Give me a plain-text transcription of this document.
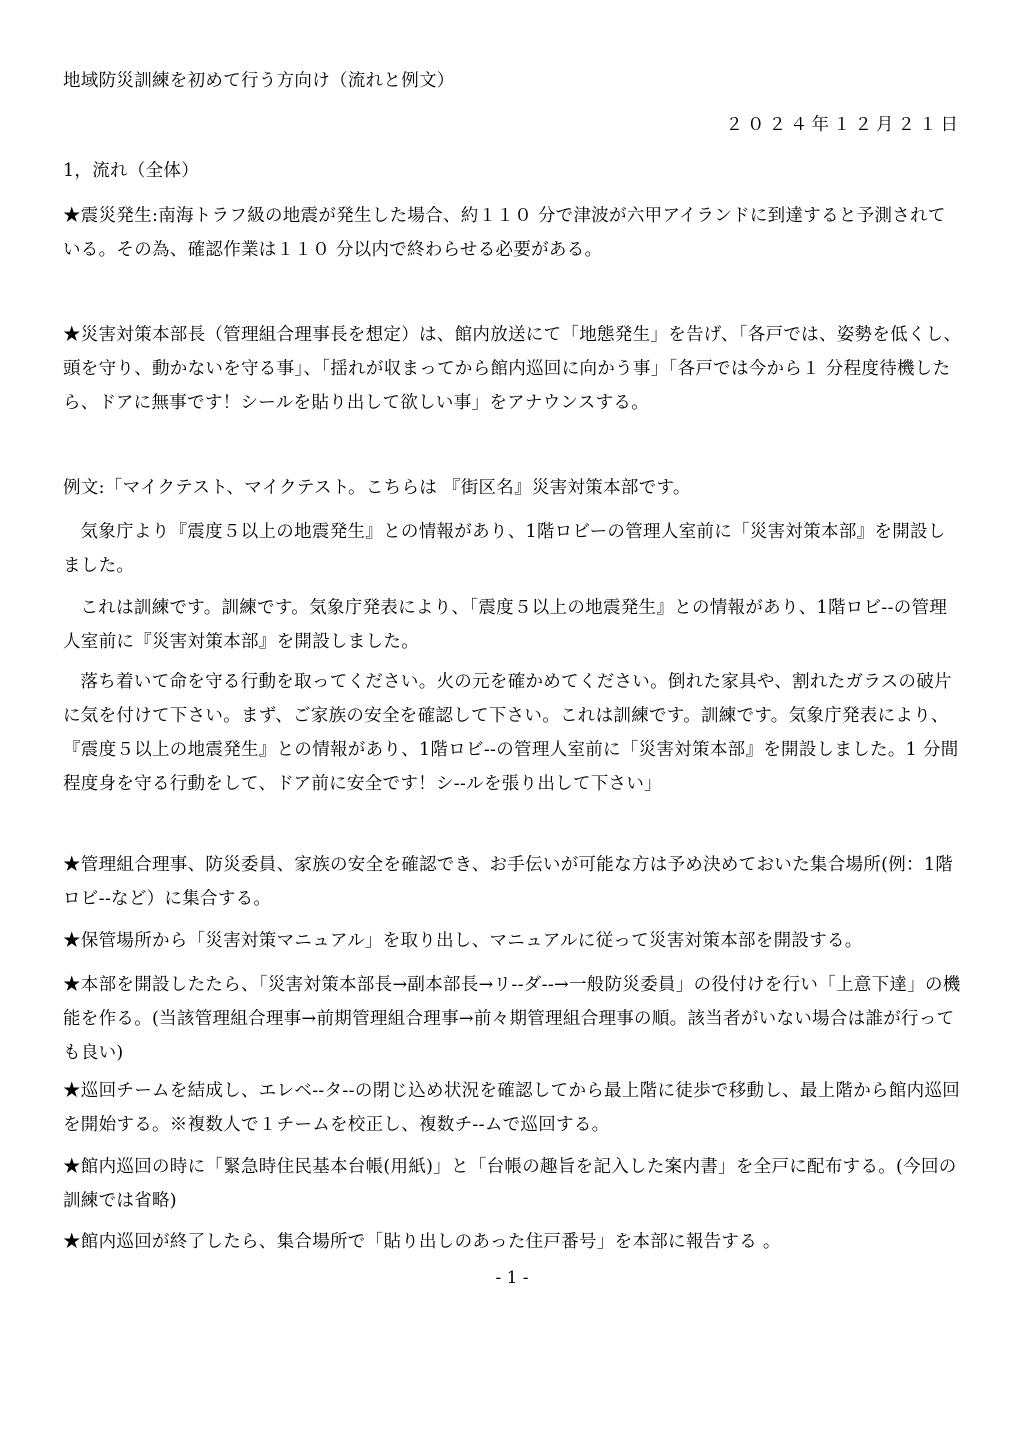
地域防災訓練を初めて行う方向け（流れと例文）

２０２４年１２月２１日

1，流れ（全体）

★震災発生:南海トラフ級の地震が発生した場合、約１１０ 分で津波が六甲アイランドに到達すると予測されている。その為、確認作業は１１０ 分以内で終わらせる必要がある。

★災害対策本部長（管理組合理事長を想定）は、館内放送にて「地態発生」を告げ、「各戸では、姿勢を低くし、頭を守り、動かないを守る事」、「揺れが収まってから館内巡回に向かう事」「各戸では今から１ 分程度待機したら、ドアに無事です！シールを貼り出して欲しい事」をアナウンスする。

例文:「マイクテスト、マイクテスト。こちらは 『街区名』災害対策本部です。

気象庁より『震度５以上の地震発生』との情報があり、1階ロビーの管理人室前に「災害対策本部』を開設しました。

これは訓練です。訓練です。気象庁発表により、「震度５以上の地震発生』との情報があり、1階ロビ--の管理人室前に『災害対策本部』を開設しました。

落ち着いて命を守る行動を取ってください。火の元を確かめてください。倒れた家具や、割れたガラスの破片に気を付けて下さい。まず、ご家族の安全を確認して下さい。これは訓練です。訓練です。気象庁発表により、『震度５以上の地震発生』との情報があり、1階ロビ--の管理人室前に「災害対策本部』を開設しました。1 分間程度身を守る行動をして、ドア前に安全です！シ--ルを張り出して下さい」

★管理組合理事、防災委員、家族の安全を確認でき、お手伝いが可能な方は予め決めておいた集合場所(例：1階ロビ--など）に集合する。

★保管場所から「災害対策マニュアル」を取り出し、マニュアルに従って災害対策本部を開設する。

★本部を開設したたら、「災害対策本部長→副本部長→リ--ダ--→一般防災委員」の役付けを行い「上意下達」の機能を作る。(当該管理組合理事→前期管理組合理事→前々期管理組合理事の順。該当者がいない場合は誰が行っても良い)

★巡回チームを結成し、エレベ--タ--の閉じ込め状況を確認してから最上階に徒歩で移動し、最上階から館内巡回を開始する。※複数人で１チームを校正し、複数チ--ムで巡回する。

★館内巡回の時に「緊急時住民基本台帳(用紙)」と「台帳の趣旨を記入した案内書」を全戸に配布する。(今回の訓練では省略)

★館内巡回が終了したら、集合場所で「貼り出しのあった住戸番号」を本部に報告する 。

- 1 -
